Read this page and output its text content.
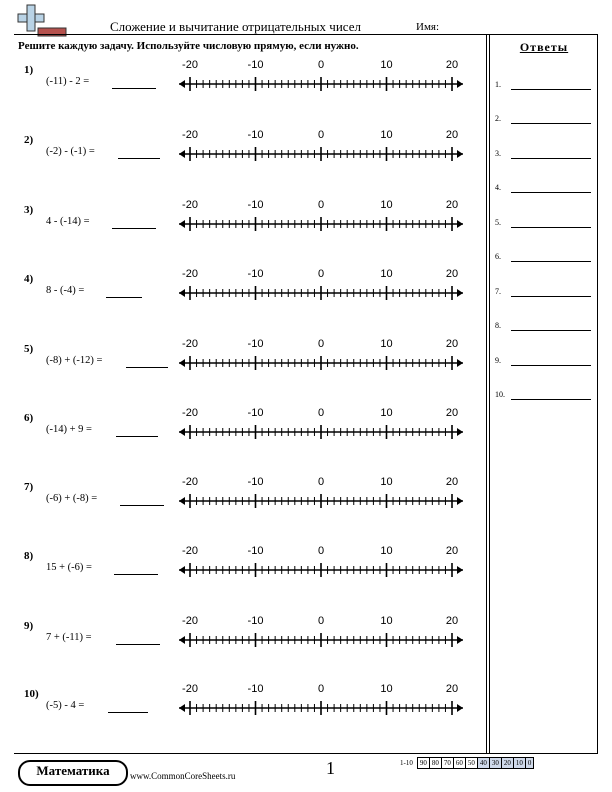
Сложение и вычитание отрицательных чисел	Имя:
Решите каждую задачу. Используйте числовую прямую, если нужно.	Ответы
1)
(-11) - 2 =
-20	-10	0	10	20
2)
(-2) - (-1) =
-20	-10	0	10	20
3)
4 - (-14) =
-20	-10	0	10	20
4)
8 - (-4) =
-20	-10	0	10	20
5)
(-8) + (-12) =
-20	-10	0	10	20
6)
(-14) + 9 =
-20	-10	0	10	20
7)
(-6) + (-8) =
-20	-10	0	10	20
8)
15 + (-6) =
-20	-10	0	10	20
9)
7 + (-11) =
-20	-10	0	10	20
10)
(-5) - 4 =
-20	-10	0	10	20
1.
2.
3.
4.
5.
6.
7.
8.
9.
10.
Математика	www.CommonCoreSheets.ru	1	1-10	90	80	70	60	50	40	30	20	10	0
